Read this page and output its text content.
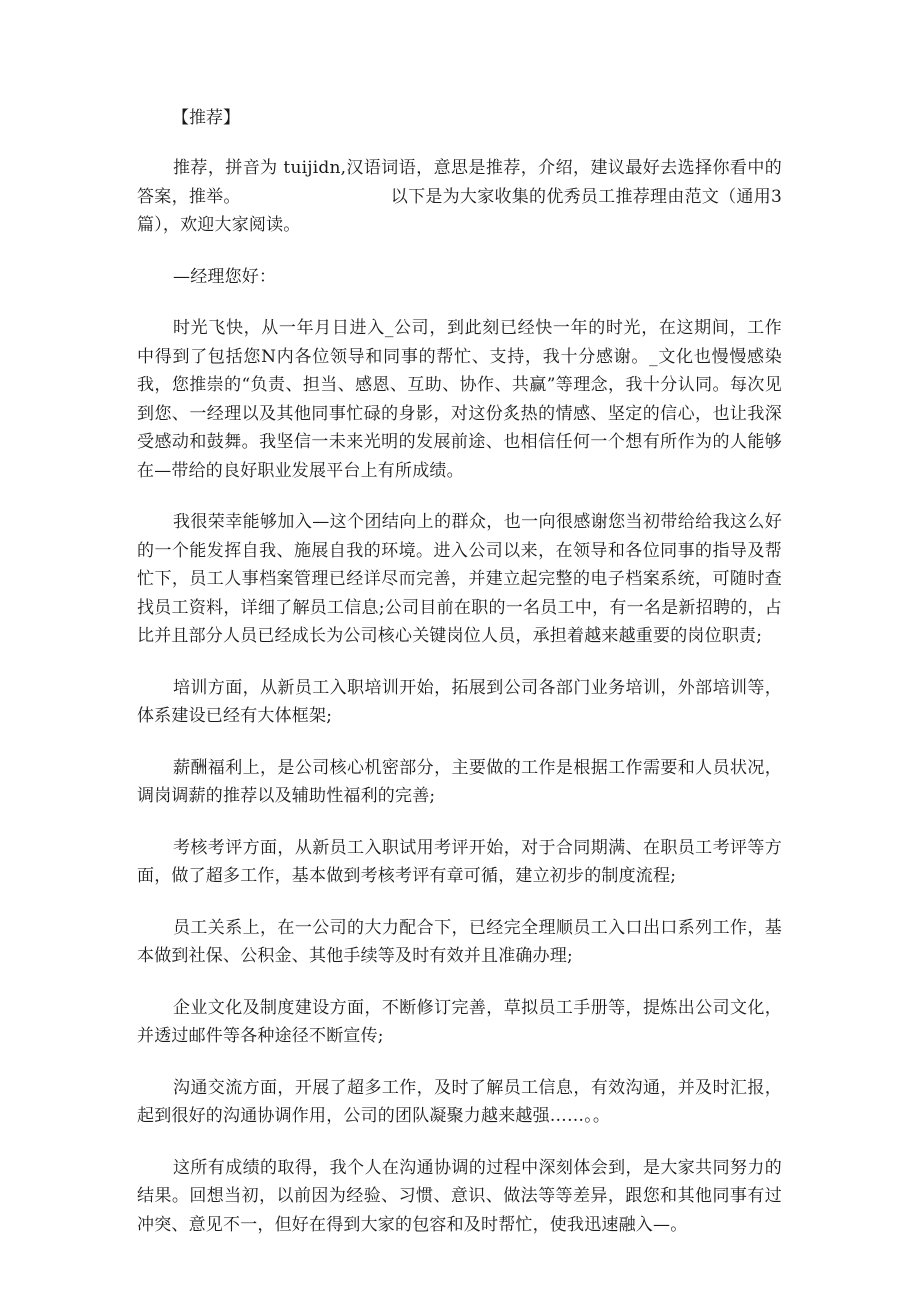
【推荐】

推荐，拼音为 tuijidn,汉语词语，意思是推荐，介绍，建议最好去选择你看中的答案，推举。	以下是为大家收集的优秀员工推荐理由范文（通用3篇），欢迎大家阅读。

—经理您好：

时光飞快，从一年月日进入_公司，到此刻已经快一年的时光，在这期间，工作中得到了包括您N内各位领导和同事的帮忙、支持，我十分感谢。_文化也慢慢感染我，您推崇的“负责、担当、感恩、互助、协作、共赢”等理念，我十分认同。每次见到您、一经理以及其他同事忙碌的身影，对这份炙热的情感、坚定的信心，也让我深受感动和鼓舞。我坚信一未来光明的发展前途、也相信任何一个想有所作为的人能够在—带给的良好职业发展平台上有所成绩。

我很荣幸能够加入—这个团结向上的群众，也一向很感谢您当初带给给我这么好的一个能发挥自我、施展自我的环境。进入公司以来，在领导和各位同事的指导及帮忙下，员工人事档案管理已经详尽而完善，并建立起完整的电子档案系统，可随时查找员工资料，详细了解员工信息;公司目前在职的一名员工中，有一名是新招聘的，占比并且部分人员已经成长为公司核心关键岗位人员，承担着越来越重要的岗位职责;

培训方面，从新员工入职培训开始，拓展到公司各部门业务培训，外部培训等，体系建设已经有大体框架;

薪酬福利上，是公司核心机密部分，主要做的工作是根据工作需要和人员状况，调岗调薪的推荐以及辅助性福利的完善;

考核考评方面，从新员工入职试用考评开始，对于合同期满、在职员工考评等方面，做了超多工作，基本做到考核考评有章可循，建立初步的制度流程;

员工关系上，在一公司的大力配合下，已经完全理顺员工入口出口系列工作，基本做到社保、公积金、其他手续等及时有效并且准确办理;

企业文化及制度建设方面，不断修订完善，草拟员工手册等，提炼出公司文化，并透过邮件等各种途径不断宣传;

沟通交流方面，开展了超多工作，及时了解员工信息，有效沟通，并及时汇报，起到很好的沟通协调作用，公司的团队凝聚力越来越强……。。

这所有成绩的取得，我个人在沟通协调的过程中深刻体会到，是大家共同努力的结果。回想当初，以前因为经验、习惯、意识、做法等等差异，跟您和其他同事有过冲突、意见不一，但好在得到大家的包容和及时帮忙，使我迅速融入—。
